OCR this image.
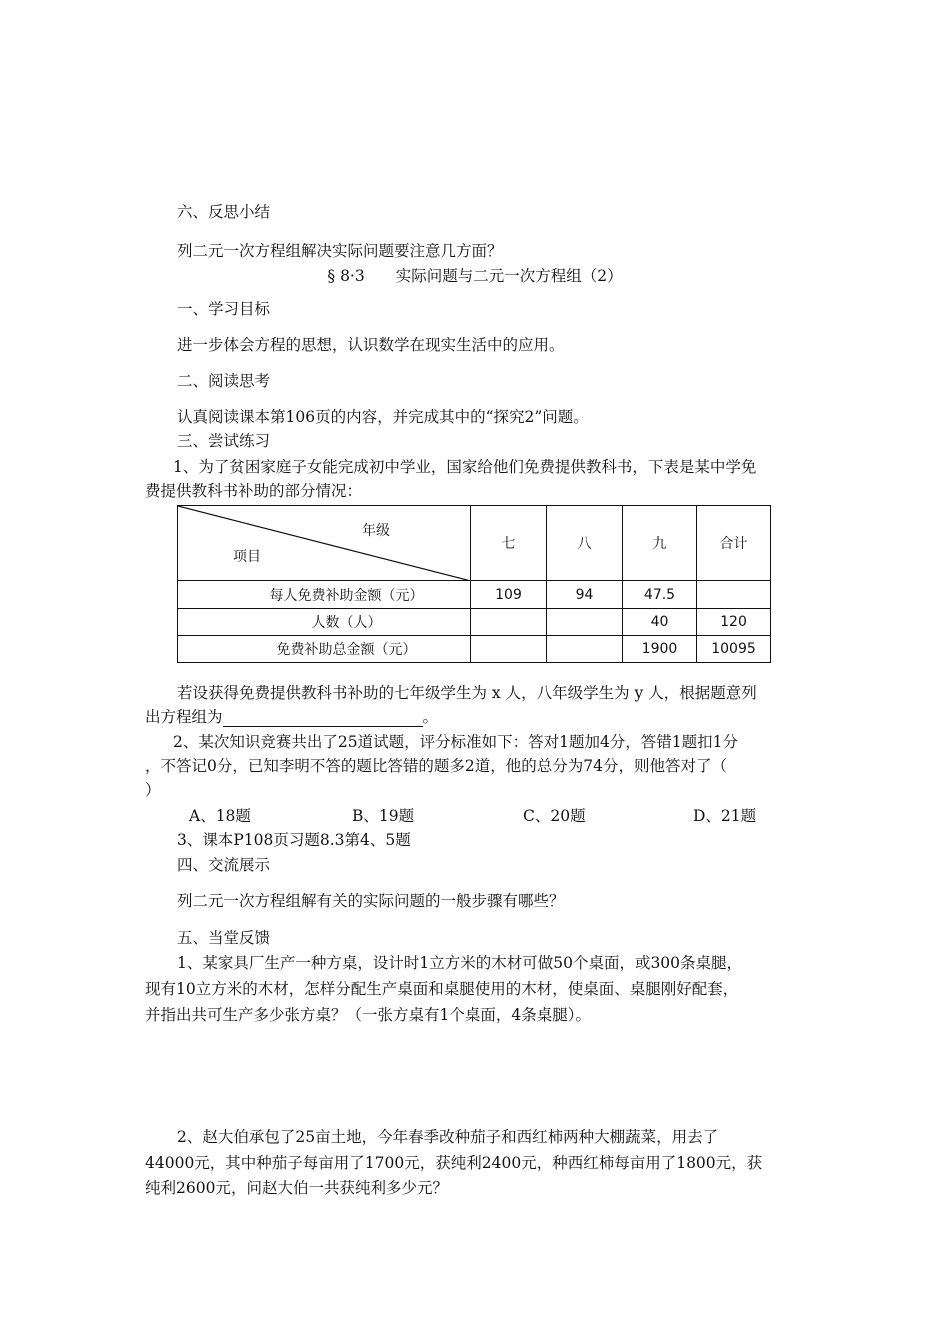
六、反思小结
列二元一次方程组解决实际问题要注意几方面？
§ 8·3　　实际问题与二元一次方程组（2）
一、学习目标
进一步体会方程的思想，认识数学在现实生活中的应用。
二、阅读思考
认真阅读课本第106页的内容，并完成其中的“探究2”问题。
三、尝试练习
1、为了贫困家庭子女能完成初中学业，国家给他们免费提供教科书，下表是某中学免
费提供教科书补助的部分情况：
年级
项目	七	八	九	合计
每人免费补助金额（元）	109	94	47.5	
人数（人）			40	120
免费补助总金额（元）			1900	10095
若设获得免费提供教科书补助的七年级学生为 x 人，八年级学生为 y 人，根据题意列
出方程组为	。
2、某次知识竞赛共出了25道试题，评分标准如下：答对1题加4分，答错1题扣1分
，不答记0分，已知李明不答的题比答错的题多2道，他的总分为74分，则他答对了（
）
A、18题	B、19题	C、20题	D、21题
3、课本P108页习题8.3第4、5题
四、交流展示
列二元一次方程组解有关的实际问题的一般步骤有哪些？
五、当堂反馈
1、某家具厂生产一种方桌，设计时1立方米的木材可做50个桌面，或300条桌腿，
现有10立方米的木材，怎样分配生产桌面和桌腿使用的木材，使桌面、桌腿刚好配套，
并指出共可生产多少张方桌？（一张方桌有1个桌面，4条桌腿）。
2、赵大伯承包了25亩土地，今年春季改种茄子和西红柿两种大棚蔬菜，用去了
44000元，其中种茄子每亩用了1700元，获纯利2400元，种西红柿每亩用了1800元，获
纯利2600元，问赵大伯一共获纯利多少元？
